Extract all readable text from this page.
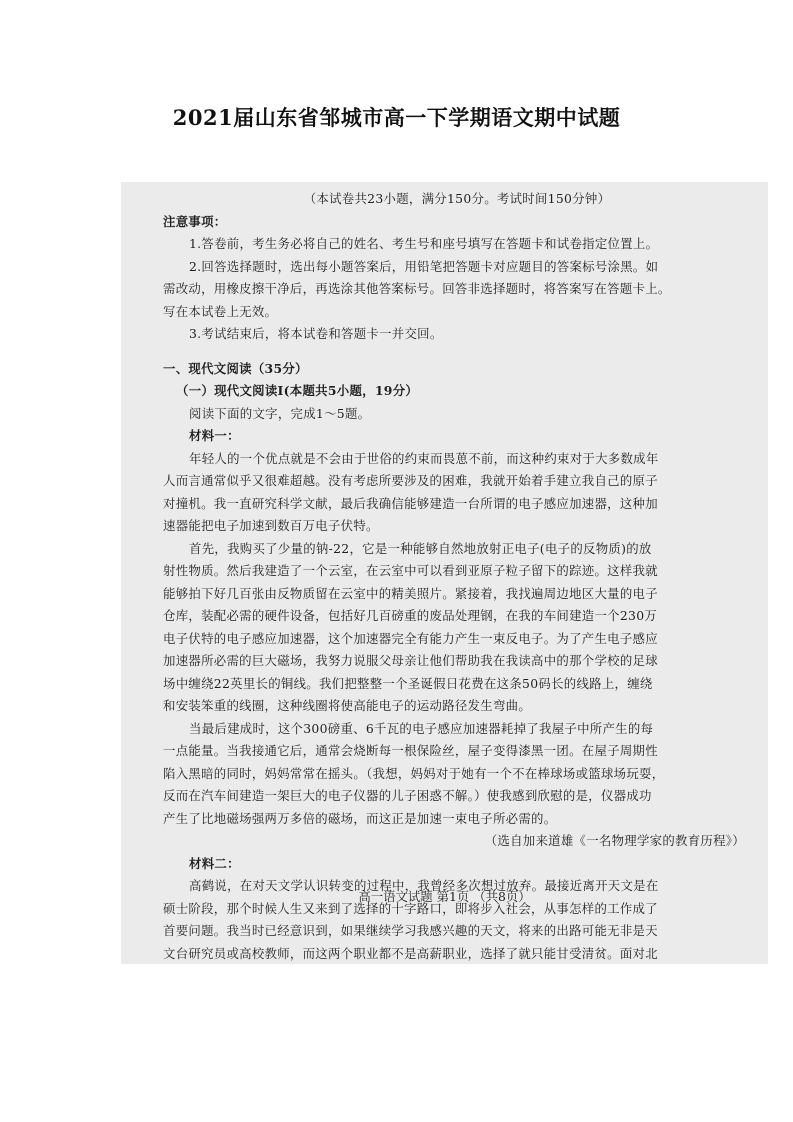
2021届山东省邹城市高一下学期语文期中试题
（本试卷共23小题，满分150分。考试时间150分钟）
注意事项：
1.答卷前，考生务必将自己的姓名、考生号和座号填写在答题卡和试卷指定位置上。
2.回答选择题时，选出每小题答案后，用铅笔把答题卡对应题目的答案标号涂黑。如
需改动，用橡皮擦干净后，再选涂其他答案标号。回答非选择题时，将答案写在答题卡上。
写在本试卷上无效。
3.考试结束后，将本试卷和答题卡一并交回。
一、现代文阅读（35分）
（一）现代文阅读Ⅰ(本题共5小题，19分）
阅读下面的文字，完成1～5题。
材料一：
年轻人的一个优点就是不会由于世俗的约束而畏葸不前，而这种约束对于大多数成年
人而言通常似乎又很难超越。没有考虑所要涉及的困难，我就开始着手建立我自己的原子
对撞机。我一直研究科学文献，最后我确信能够建造一台所谓的电子感应加速器，这种加
速器能把电子加速到数百万电子伏特。
首先，我购买了少量的钠-22，它是一种能够自然地放射正电子(电子的反物质)的放
射性物质。然后我建造了一个云室，在云室中可以看到亚原子粒子留下的踪迹。这样我就
能够拍下好几百张由反物质留在云室中的精美照片。紧接着，我找遍周边地区大量的电子
仓库，装配必需的硬件设备，包括好几百磅重的废品处理钢，在我的车间建造一个230万
电子伏特的电子感应加速器，这个加速器完全有能力产生一束反电子。为了产生电子感应
加速器所必需的巨大磁场，我努力说服父母亲让他们帮助我在我读高中的那个学校的足球
场中缠绕22英里长的铜线。我们把整整一个圣诞假日花费在这条50码长的线路上，缠绕
和安装笨重的线圈，这种线圈将使高能电子的运动路径发生弯曲。
当最后建成时，这个300磅重、6千瓦的电子感应加速器耗掉了我屋子中所产生的每
一点能量。当我接通它后，通常会烧断每一根保险丝，屋子变得漆黑一团。在屋子周期性
陷入黑暗的同时，妈妈常常在摇头。（我想，妈妈对于她有一个不在棒球场或篮球场玩耍，
反而在汽车间建造一架巨大的电子仪器的儿子困惑不解。）使我感到欣慰的是，仪器成功
产生了比地磁场强两万多倍的磁场，而这正是加速一束电子所必需的。
（选自加来道雄《一名物理学家的教育历程》）
材料二：
高鹤说，在对天文学认识转变的过程中，我曾经多次想过放弃。最接近离开天文是在
硕士阶段，那个时候人生又来到了选择的十字路口，即将步入社会，从事怎样的工作成了
首要问题。我当时已经意识到，如果继续学习我感兴趣的天文，将来的出路可能无非是天
文台研究员或高校教师，而这两个职业都不是高薪职业，选择了就只能甘受清贫。面对北
高一语文试题 第1页 （共8页）
